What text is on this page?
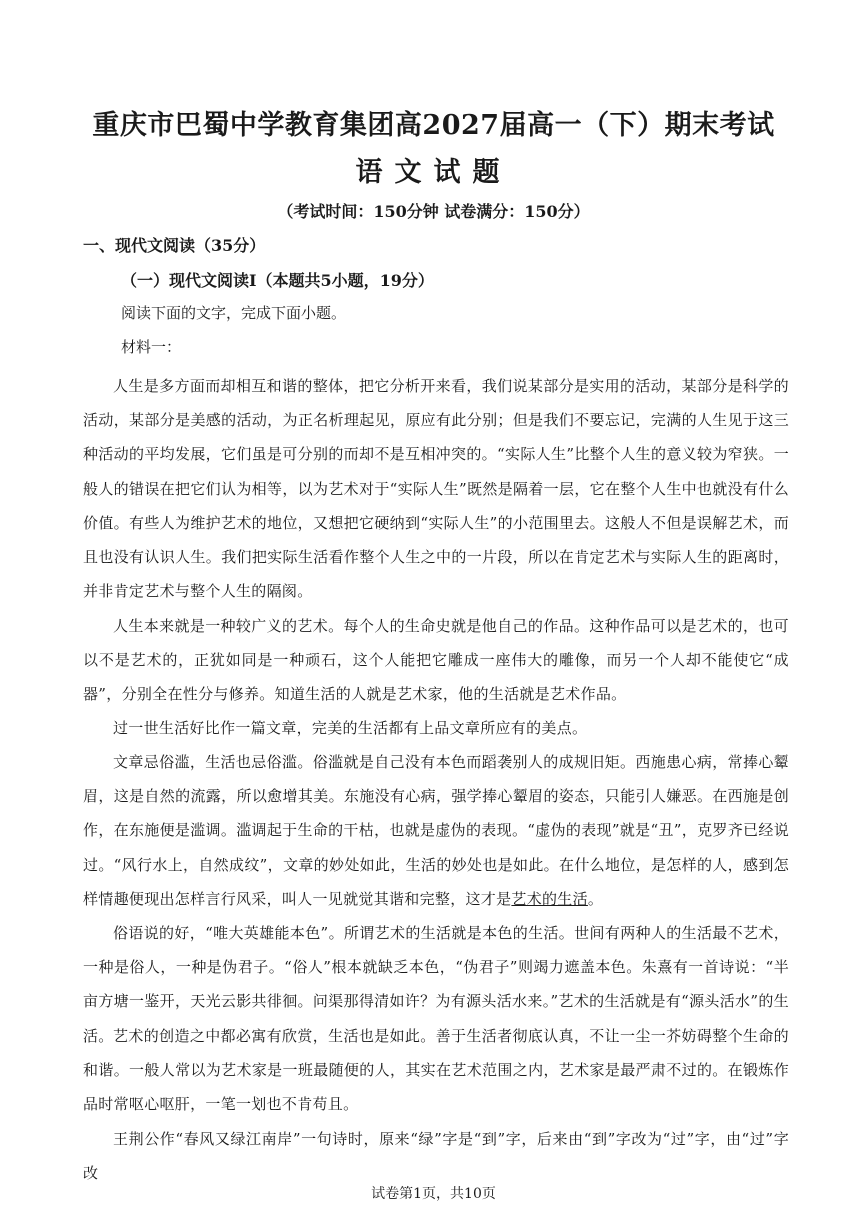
重庆市巴蜀中学教育集团高2027届高一（下）期末考试
语文试题
（考试时间：150分钟 试卷满分：150分）
一、现代文阅读（35分）
（一）现代文阅读I（本题共5小题，19分）
阅读下面的文字，完成下面小题。
材料一：
人生是多方面而却相互和谐的整体，把它分析开来看，我们说某部分是实用的活动，某部分是科学的活动，某部分是美感的活动，为正名析理起见，原应有此分别；但是我们不要忘记，完满的人生见于这三种活动的平均发展，它们虽是可分别的而却不是互相冲突的。“实际人生”比整个人生的意义较为窄狭。一般人的错误在把它们认为相等，以为艺术对于“实际人生”既然是隔着一层，它在整个人生中也就没有什么价值。有些人为维护艺术的地位，又想把它硬纳到“实际人生”的小范围里去。这般人不但是误解艺术，而且也没有认识人生。我们把实际生活看作整个人生之中的一片段，所以在肯定艺术与实际人生的距离时，并非肯定艺术与整个人生的隔阂。
人生本来就是一种较广义的艺术。每个人的生命史就是他自己的作品。这种作品可以是艺术的，也可以不是艺术的，正犹如同是一种顽石，这个人能把它雕成一座伟大的雕像，而另一个人却不能使它“成器”，分别全在性分与修养。知道生活的人就是艺术家，他的生活就是艺术作品。
过一世生活好比作一篇文章，完美的生活都有上品文章所应有的美点。
文章忌俗滥，生活也忌俗滥。俗滥就是自己没有本色而蹈袭别人的成规旧矩。西施患心病，常捧心颦眉，这是自然的流露，所以愈增其美。东施没有心病，强学捧心颦眉的姿态，只能引人嫌恶。在西施是创作，在东施便是滥调。滥调起于生命的干枯，也就是虚伪的表现。“虚伪的表现”就是“丑”，克罗齐已经说过。“风行水上，自然成纹”，文章的妙处如此，生活的妙处也是如此。在什么地位，是怎样的人，感到怎样情趣便现出怎样言行风采，叫人一见就觉其谐和完整，这才是艺术的生活。
俗语说的好，“唯大英雄能本色”。所谓艺术的生活就是本色的生活。世间有两种人的生活最不艺术，一种是俗人，一种是伪君子。“俗人”根本就缺乏本色，“伪君子”则竭力遮盖本色。朱熹有一首诗说：“半亩方塘一鉴开，天光云影共徘徊。问渠那得清如许？为有源头活水来。”艺术的生活就是有“源头活水”的生活。 艺术的创造之中都必寓有欣赏，生活也是如此。善于生活者彻底认真，不让一尘一芥妨碍整个生命的和谐。一般人常以为艺术家是一班最随便的人，其实在艺术范围之内，艺术家是最严肃不过的。在锻炼作品时常呕心呕肝，一笔一划也不肯苟且。
王荆公作“春风又绿江南岸”一句诗时，原来“绿”字是“到”字，后来由“到”字改为“过”字，由“过”字改
试卷第1页，共10页
